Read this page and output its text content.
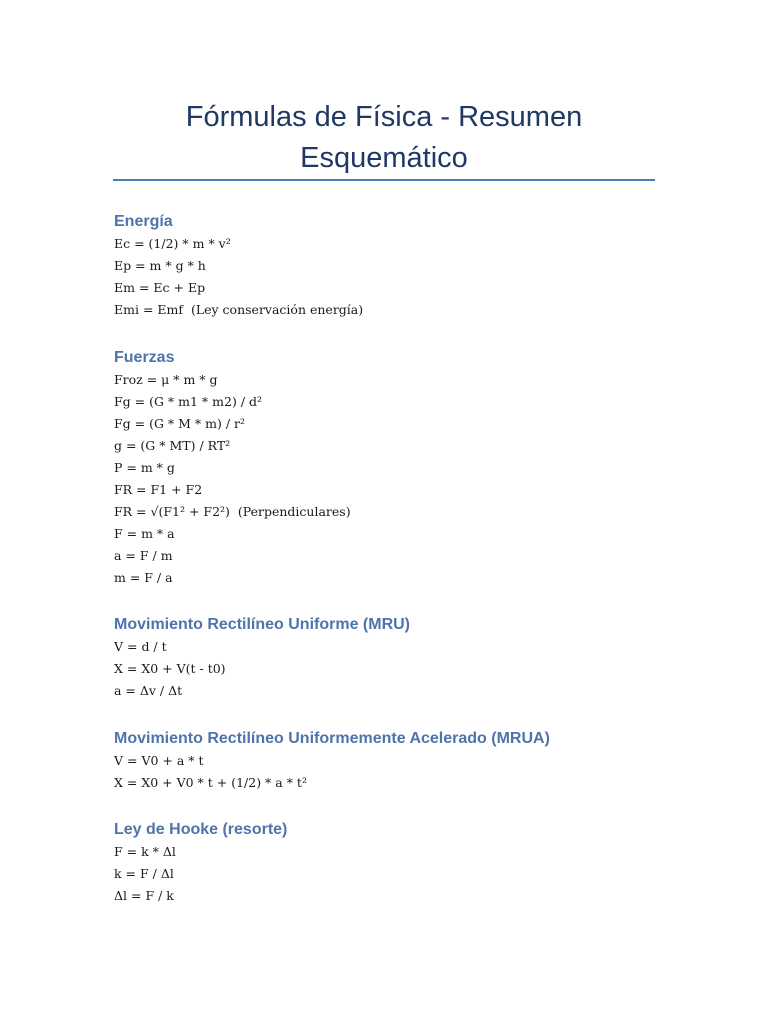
Fórmulas de Física - Resumen Esquemático
Energía
Ec = (1/2) * m * v²
Ep = m * g * h
Em = Ec + Ep
Emi = Emf  (Ley conservación energía)
Fuerzas
Froz = μ * m * g
Fg = (G * m1 * m2) / d²
Fg = (G * M * m) / r²
g = (G * MT) / RT²
P = m * g
FR = F1 + F2
FR = √(F1² + F2²)  (Perpendiculares)
F = m * a
a = F / m
m = F / a
Movimiento Rectilíneo Uniforme (MRU)
V = d / t
X = X0 + V(t - t0)
a = Δv / Δt
Movimiento Rectilíneo Uniformemente Acelerado (MRUA)
V = V0 + a * t
X = X0 + V0 * t + (1/2) * a * t²
Ley de Hooke (resorte)
F = k * Δl
k = F / Δl
Δl = F / k
